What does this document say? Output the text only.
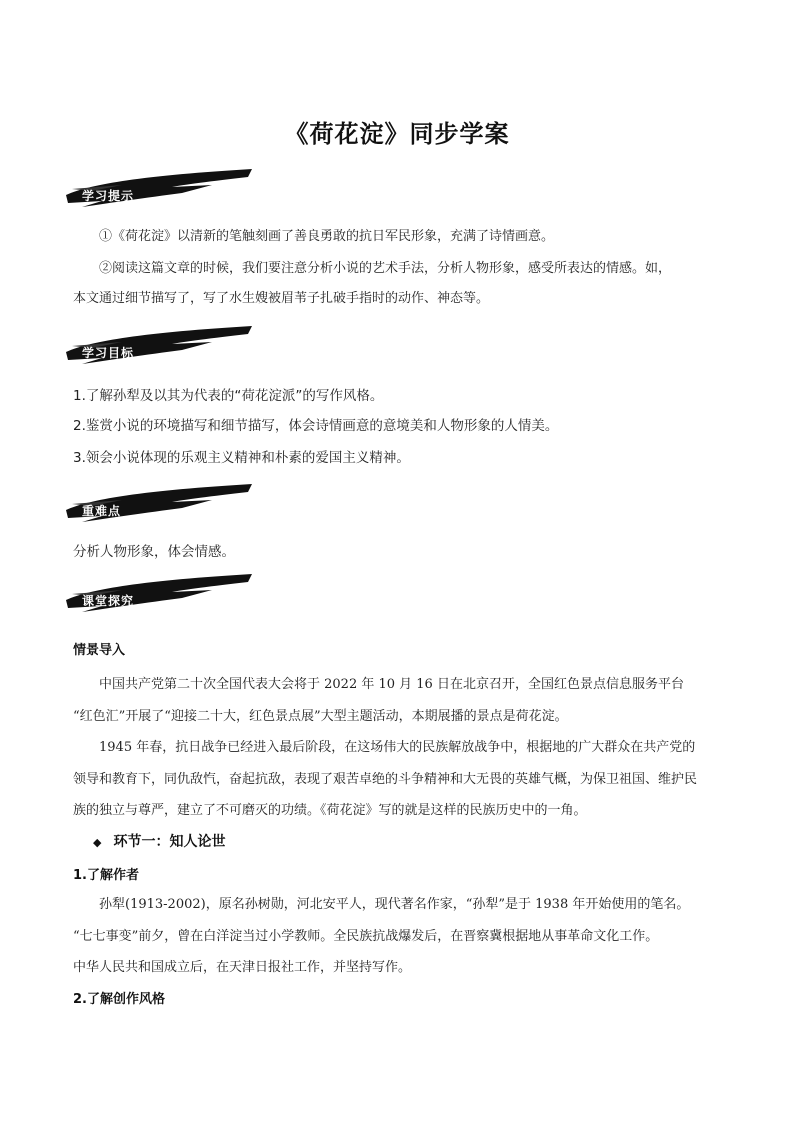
《荷花淀》同步学案
学习提示
①《荷花淀》以清新的笔触刻画了善良勇敢的抗日军民形象，充满了诗情画意。
②阅读这篇文章的时候，我们要注意分析小说的艺术手法，分析人物形象，感受所表达的情感。如，
本文通过细节描写了，写了水生嫂被眉苇子扎破手指时的动作、神态等。
学习目标
1.了解孙犁及以其为代表的“荷花淀派”的写作风格。
2.鉴赏小说的环境描写和细节描写，体会诗情画意的意境美和人物形象的人情美。
3.领会小说体现的乐观主义精神和朴素的爱国主义精神。
重难点
分析人物形象，体会情感。
课堂探究
情景导入
中国共产党第二十次全国代表大会将于 2022 年 10 月 16 日在北京召开，全国红色景点信息服务平台
“红色汇”开展了“迎接二十大，红色景点展”大型主题活动，本期展播的景点是荷花淀。
1945 年春，抗日战争已经进入最后阶段，在这场伟大的民族解放战争中，根据地的广大群众在共产党的
领导和教育下，同仇敌忾，奋起抗敌，表现了艰苦卓绝的斗争精神和大无畏的英雄气概，为保卫祖国、维护民
族的独立与尊严，建立了不可磨灭的功绩。《荷花淀》写的就是这样的民族历史中的一角。
◆ 环节一：知人论世
1.了解作者
孙犁(1913-2002)，原名孙树勋，河北安平人，现代著名作家，“孙犁”是于 1938 年开始使用的笔名。
“七七事变”前夕，曾在白洋淀当过小学教师。全民族抗战爆发后，在晋察冀根据地从事革命文化工作。
中华人民共和国成立后，在天津日报社工作，并坚持写作。
2.了解创作风格
